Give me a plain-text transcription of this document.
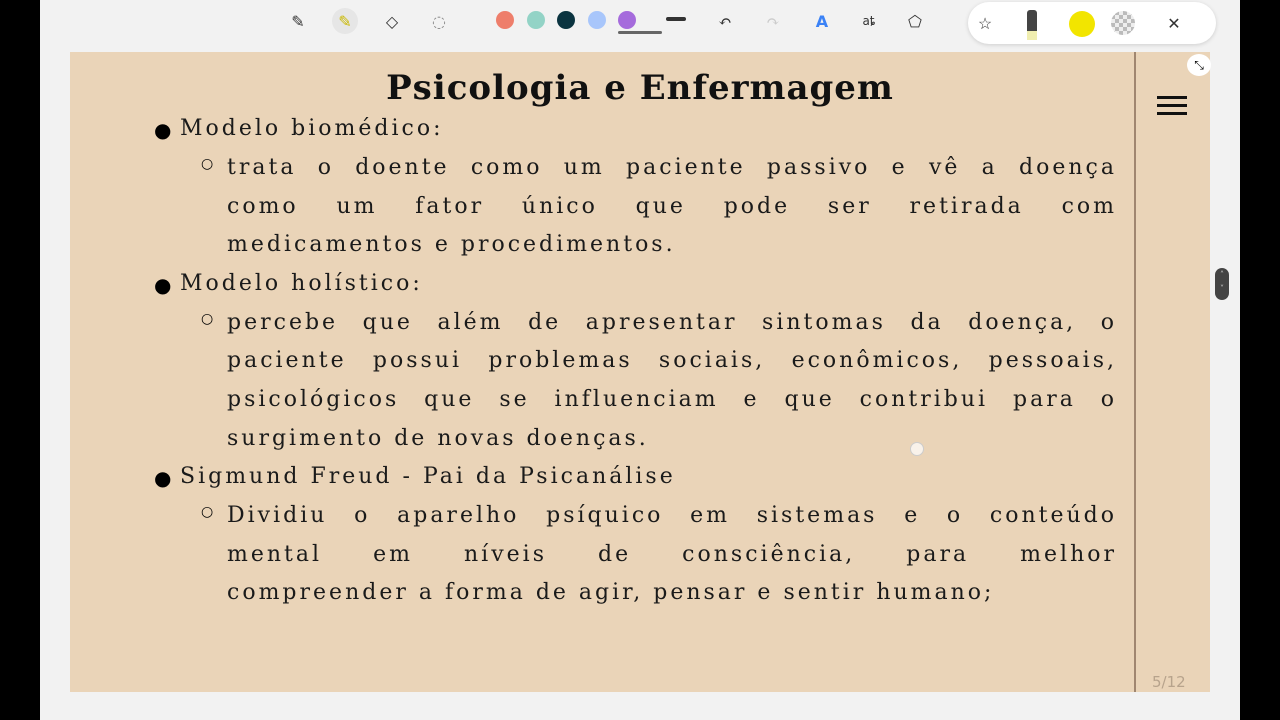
✎	✎	◇	◌	↶	↷	A	aȶ	⬠	☆	✕
Psicologia e Enfermagem
● Modelo biomédico:
○ trata o doente como um paciente passivo e vê a doença
como um fator único que pode ser retirada com
medicamentos e procedimentos.
● Modelo holístico:
○ percebe que além de apresentar sintomas da doença, o
paciente possui problemas sociais, econômicos, pessoais,
psicológicos que se influenciam e que contribui para o
surgimento de novas doenças.
● Sigmund Freud - Pai da Psicanálise
○ Dividiu o aparelho psíquico em sistemas e o conteúdo
mental em níveis de consciência, para melhor
compreender a forma de agir, pensar e sentir humano;
5/12
⤡
˄
˅
